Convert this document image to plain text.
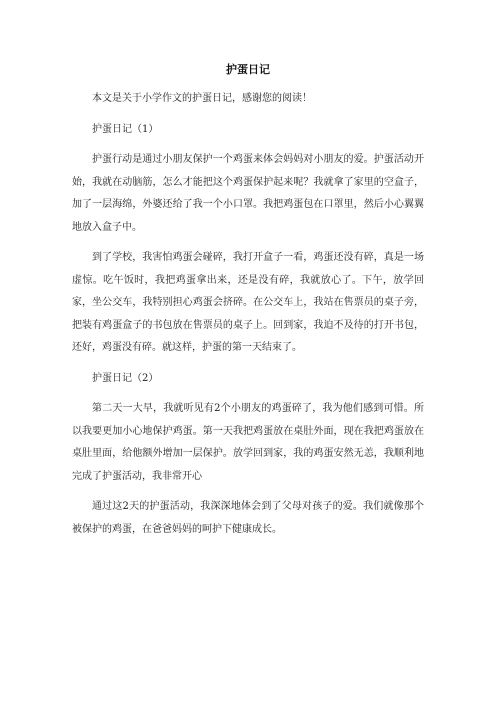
护蛋日记

本文是关于小学作文的护蛋日记，感谢您的阅读！

护蛋日记（1）

护蛋行动是通过小朋友保护一个鸡蛋来体会妈妈对小朋友的爱。护蛋活动开始，我就在动脑筋，怎么才能把这个鸡蛋保护起来呢？我就拿了家里的空盒子，加了一层海绵，外婆还给了我一个小口罩。我把鸡蛋包在口罩里，然后小心翼翼地放入盒子中。

到了学校，我害怕鸡蛋会碰碎，我打开盒子一看，鸡蛋还没有碎，真是一场虚惊。吃午饭时，我把鸡蛋拿出来，还是没有碎，我就放心了。下午，放学回家，坐公交车，我特别担心鸡蛋会挤碎。在公交车上，我站在售票员的桌子旁，把装有鸡蛋盒子的书包放在售票员的桌子上。回到家，我迫不及待的打开书包，还好，鸡蛋没有碎。就这样，护蛋的第一天结束了。

护蛋日记（2）

第二天一大早，我就听见有2个小朋友的鸡蛋碎了，我为他们感到可惜。所以我要更加小心地保护鸡蛋。第一天我把鸡蛋放在桌肚外面，现在我把鸡蛋放在桌肚里面，给他额外增加一层保护。放学回到家，我的鸡蛋安然无恙，我顺利地完成了护蛋活动，我非常开心

通过这2天的护蛋活动，我深深地体会到了父母对孩子的爱。我们就像那个被保护的鸡蛋，在爸爸妈妈的呵护下健康成长。
